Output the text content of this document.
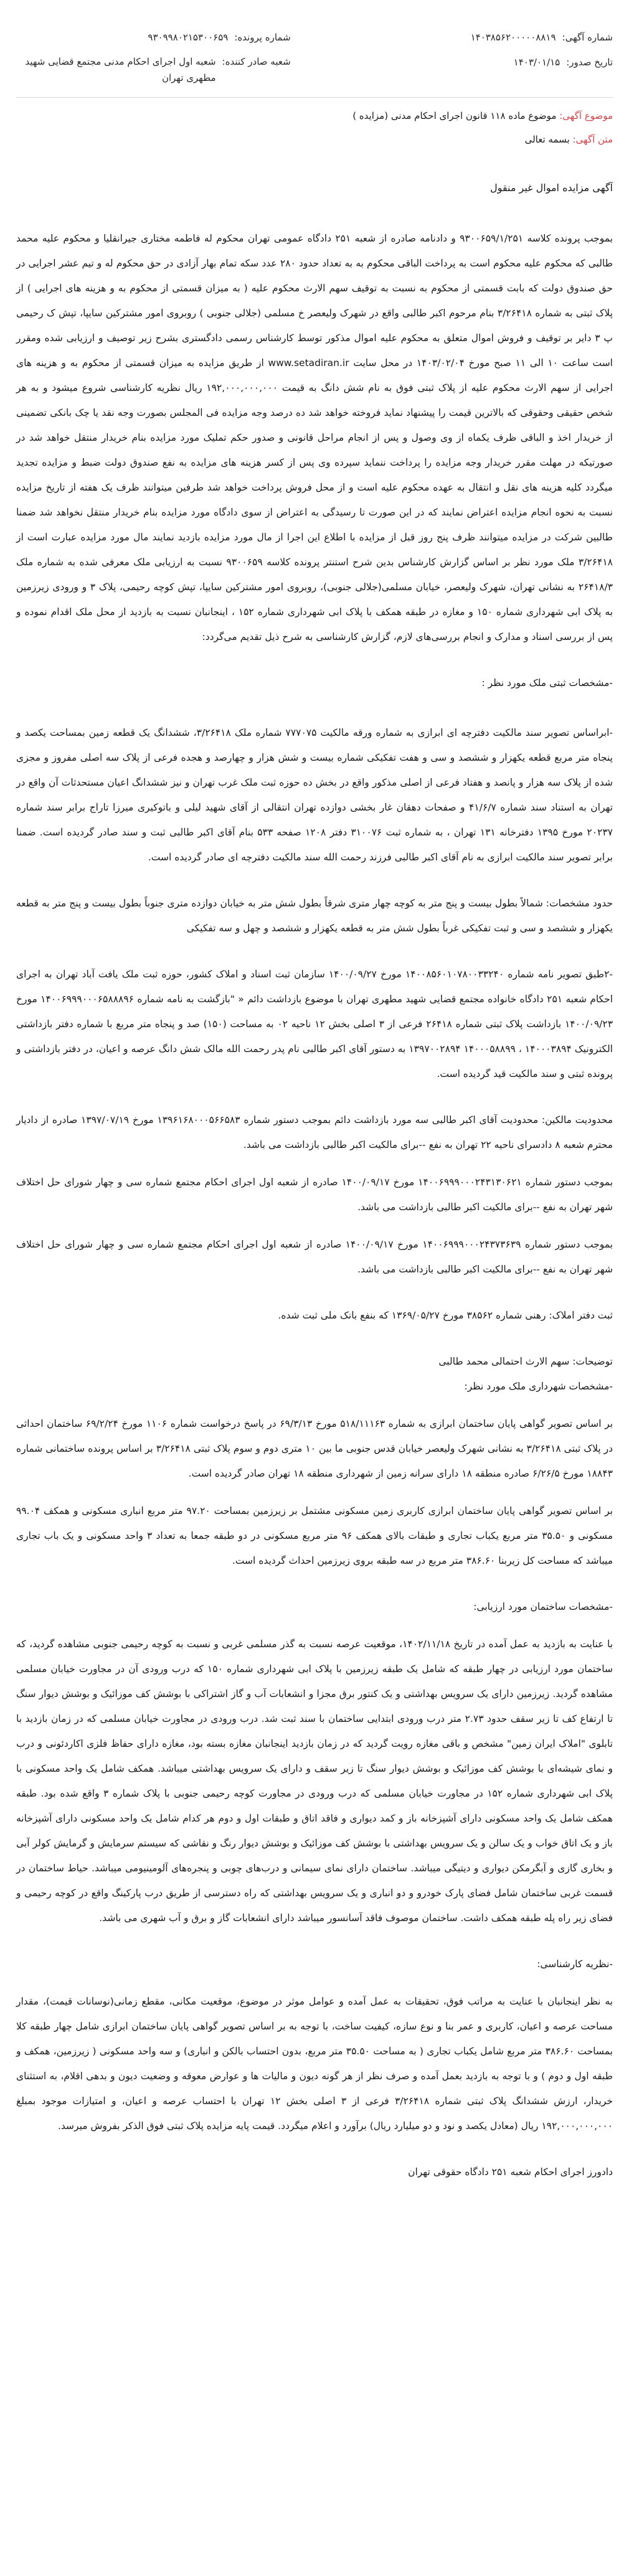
شماره آگهی:
۱۴۰۳۸۵۶۲۰۰۰۰۰۸۸۱۹
تاریخ صدور:
۱۴۰۳/۰۱/۱۵
شماره پرونده:
۹۳۰۹۹۸۰۲۱۵۳۰۰۶۵۹
شعبه صادر کننده:
شعبه اول اجرای احکام مدنی مجتمع قضایی شهید مطهری تهران
موضوع آگهی: موضوع ماده ۱۱۸ قانون اجرای احکام مدنی (مزایده )
متن آگهی: بسمه تعالی
آگهی مزایده اموال غیر منقول

بموجب پرونده کلاسه ۹۳۰۰۶۵۹/۱/۲۵۱ و دادنامه صادره از شعبه ۲۵۱ دادگاه عمومی تهران محکوم له فاطمه مختاری جیرانقلیا و محکوم علیه محمد طالبی که محکوم علیه محکوم است به پرداخت الباقی محکوم به به تعداد حدود ۲۸۰ عدد سکه تمام بهار آزادی در حق محکوم له و تیم عشر اجرایی در حق صندوق دولت که بابت قسمتی از محکوم به نسبت به توقیف سهم الارث محکوم علیه ( به میزان قسمتی از محکوم به و هزینه های اجرایی ) از پلاک ثبتی به شماره ۳/۲۶۴۱۸ بنام مرحوم اکبر طالبی واقع در شهرک ولیعصر خ مسلمی (جلالی جنوبی ) روبروی امور مشترکین سایپا، تپش ک رحیمی پ ۳ دایر بر توقیف و فروش اموال متعلق به محکوم علیه اموال مذکور توسط کارشناس رسمی دادگستری بشرح زیر توصیف و ارزیابی شده ومقرر است ساعت ۱۰ الی ۱۱ صبح مورخ ۱۴۰۳/۰۲/۰۴ در محل سایت www.setadiran.ir از طریق مزایده به میزان قسمتی از محکوم به و هزینه های اجرایی از سهم الارث محکوم علیه از پلاک ثبتی فوق به نام شش دانگ به قیمت ۱۹۲,۰۰۰,۰۰۰,۰۰۰ ریال نظریه کارشناسی شروع میشود و به هر شخص حقیقی وحقوقی که بالاترین قیمت را پیشنهاد نماید فروخته خواهد شد ده درصد وجه مزایده فی المجلس بصورت وجه نقد یا چک بانکی تضمینی از خریدار اخذ و الباقی ظرف یکماه از وی وصول و پس از انجام مراحل قانونی و صدور حکم تملیک مورد مزایده بنام خریدار منتقل خواهد شد در صورتیکه در مهلت مقرر خریدار وجه مزایده را پرداخت ننماید سپرده وی پس از کسر هزینه های مزایده به نفع صندوق دولت ضبط و مزایده تجدید میگردد کلیه هزینه های نقل و انتقال به عهده محکوم علیه است و از محل فروش پرداخت خواهد شد طرفین میتوانند ظرف یک هفته از تاریخ مزایده نسبت به نحوه انجام مزایده اعتراض نمایند که در این صورت تا رسیدگی به اعتراض از سوی دادگاه مورد مزایده بنام خریدار منتقل نخواهد شد ضمنا طالبین شرکت در مزایده میتوانند ظرف پنج روز قبل از مزایده با اطلاع این اجرا از مال مورد مزایده بازدید نمایند مال مورد مزایده عبارت است از ۳/۲۶۴۱۸ ملک مورد نظر بر اساس گزارش کارشناس بدین شرح استنتر پرونده کلاسه ۹۳۰۰۶۵۹ نسبت به ارزیابی ملک معرفی شده به شماره ملک ۲۶۴۱۸/۳ به نشانی تهران، شهرک ولیعصر، خیابان مسلمی(جلالی جنوبی)، روبروی امور مشترکین سایپا، تپش کوچه رحیمی، پلاک ۳ و ورودی زیرزمین به پلاک ابی شهرداری شماره ۱۵۰ و مغازه در طبقه همکف با پلاک ابی شهرداری شماره ۱۵۲ ، اینجانبان نسبت به بازدید از محل ملک اقدام نموده و پس از بررسی اسناد و مدارک و انجام بررسی‌های لازم، گزارش کارشناسی به شرح ذیل تقدیم می‌گردد:

-مشخصات ثبتی ملک مورد نظر :

-ابراساس تصویر سند مالکیت دفترچه ای ابرازی به شماره ورقه مالکیت ۷۷۷۰۷۵ شماره ملک ۳/۲۶۴۱۸، ششدانگ یک قطعه زمین بمساحت یکصد و پنجاه متر مربع قطعه یکهزار و ششصد و سی و هفت تفکیکی شماره بیست و شش هزار و چهارصد و هجده فرعی از پلاک سه اصلی مفروز و مجزی شده از پلاک سه هزار و پانصد و هفتاد فرعی از اصلی مذکور واقع در بخش ده حوزه ثبت ملک غرب تهران و نیز ششدانگ اعیان مستحدثات آن واقع در تهران به استناد سند شماره ۴۱/۶/۷ و صفحات دهقان غار بخشی دوازده تهران انتقالی از آقای شهید لیلی و باتوکیری میرزا تاراج برابر سند شماره ۲۰۲۳۷ مورخ ۱۳۹۵ دفترخانه ۱۳۱ تهران ، به شماره ثبت ۳۱۰۰۷۶ دفتر ۱۲۰۸ صفحه ۵۳۳ بنام آقای اکبر طالبی ثبت و سند صادر گردیده است. ضمنا برابر تصویر سند مالکیت ابرازی به نام آقای اکبر طالبی فرزند رحمت الله سند مالکیت دفترچه ای صادر گردیده است.

حدود مشخصات: شمالاً بطول بیست و پنج متر به کوچه چهار متری شرقاً بطول شش متر به خیابان دوازده متری جنوباً بطول بیست و پنج متر به قطعه یکهزار و ششصد و سی و ثبت تفکیکی غرباً بطول شش متر به قطعه یکهزار و ششصد و چهل و سه تفکیکی

-۲طبق تصویر نامه شماره ۱۴۰۰۸۵۶۰۱۰۷۸۰۰۳۳۲۴۰ مورخ ۱۴۰۰/۰۹/۲۷ سازمان ثبت اسناد و املاک کشور، حوزه ثبت ملک یافت آباد تهران به اجرای احکام شعبه ۲۵۱ دادگاه خانواده مجتمع قضایی شهید مطهری تهران با موضوع بازداشت دائم « "بازگشت به نامه شماره ۱۴۰۰۶۹۹۹۰۰۰۶۵۸۸۸۹۶ مورخ ۱۴۰۰/۰۹/۲۳ بازداشت پلاک ثبتی شماره ۲۶۴۱۸ فرعی از ۳ اصلی بخش ۱۲ ناحیه ۰۲ به مساحت (۱۵۰) صد و پنجاه متر مربع با شماره دفتر بازداشتی الکترونیک ۱۴۰۰۰۳۸۹۴ ، ۱۴۰۰۰۵۸۸۹۹ ۱۳۹۷۰۰۲۸۹۴ به دستور آقای اکبر طالبی نام پدر رحمت الله مالک شش دانگ عرصه و اعیان، در دفتر بازداشتی و پرونده ثبتی و سند مالکیت قید گردیده است.

محدودیت مالکین: محدودیت آقای اکبر طالبی سه مورد بازداشت دائم بموجب دستور شماره ۱۳۹۶۱۶۸۰۰۰۵۶۶۵۸۳ مورخ ۱۳۹۷/۰۷/۱۹ صادره از دادیار محترم شعبه ۸ دادسرای ناحیه ۲۲ تهران به نفع --برای مالکیت اکبر طالبی بازداشت می باشد.

بموجب دستور شماره ۱۴۰۰۶۹۹۹۰۰۰۲۴۳۱۳۰۶۲۱ مورخ ۱۴۰۰/۰۹/۱۷ صادره از شعبه اول اجرای احکام مجتمع شماره سی و چهار شورای حل اختلاف شهر تهران به نفع --برای مالکیت اکبر طالبی بازداشت می باشد.

بموجب دستور شماره ۱۴۰۰۶۹۹۹۰۰۰۲۴۳۷۳۶۳۹ مورخ ۱۴۰۰/۰۹/۱۷ صادره از شعبه اول اجرای احکام مجتمع شماره سی و چهار شورای حل اختلاف شهر تهران به نفع --برای مالکیت اکبر طالبی بازداشت می باشد.

ثبت دفتر املاک: رهنی شماره ۳۸۵۶۲ مورخ ۱۳۶۹/۰۵/۲۷ که بنفع بانک ملی ثبت شده.

توضیحات: سهم الارث احتمالی محمد طالبی

-مشخصات شهرداری ملک مورد نظر:

بر اساس تصویر گواهی پایان ساختمان ابرازی به شماره ۵۱۸/۱۱۱۶۳ مورخ ۶۹/۳/۱۳ در پاسخ درخواست شماره ۱۱۰۶ مورخ ۶۹/۲/۲۴ ساختمان احداثی در پلاک ثبتی ۳/۲۶۴۱۸ به نشانی شهرک ولیعصر خیابان قدس جنوبی ما بین ۱۰ متری دوم و سوم پلاک ثبتی ۳/۲۶۴۱۸ بر اساس پرونده ساختمانی شماره ۱۸۸۴۳ مورخ ۶/۲۶/۵ صادره منطقه ۱۸ دارای سرانه زمین از شهرداری منطقه ۱۸ تهران صادر گردیده است.

بر اساس تصویر گواهی پایان ساختمان ابرازی کاربری زمین مسکونی مشتمل بر زیرزمین بمساحت ۹۷.۲۰ متر مربع انباری مسکونی و همکف ۹۹.۰۴ مسکونی و ۳۵.۵۰ متر مربع یکباب تجاری و طبقات بالای همکف ۹۶ متر مربع مسکونی در دو طبقه جمعا به تعداد ۳ واحد مسکونی و یک باب تجاری میباشد که مساحت کل زیربنا ۳۸۶.۶۰ متر مربع در سه طبقه بروی زیرزمین احداث گردیده است.

-مشخصات ساختمان مورد ارزیابی:

با عنایت به بازدید به عمل آمده در تاریخ ۱۴۰۲/۱۱/۱۸، موقعیت عرصه نسبت به گذر مسلمی غربی و نسبت به کوچه رحیمی جنوبی مشاهده گردید، که ساختمان مورد ارزیابی در چهار طبقه که شامل یک طبقه زیرزمین با پلاک ابی شهرداری شماره ۱۵۰ که درب ورودی آن در مجاورت خیابان مسلمی مشاهده گردید. زیرزمین دارای یک سرویس بهداشتی و یک کنتور برق مجزا و انشعابات آب و گاز اشتراکی با بوشش کف موزائیک و بوشش دیوار سنگ تا ارتفاع کف تا زیر سقف حدود ۲.۷۳ متر درب ورودی ابتدایی ساختمان با سند ثبت شد. درب ورودی در مجاورت خیابان مسلمی که در زمان بازدید با تابلوی "املاک ایران زمین" مشخص و باقی مغازه رویت گردید که در زمان بازدید اینجانبان مغازه بسته بود، مغازه دارای حفاظ فلزی اکاردئونی و درب و نمای شیشه‌ای با بوشش کف موزائیک و بوشش دیوار سنگ تا زیر سقف و دارای یک سرویس بهداشتی میباشد. همکف شامل یک واحد مسکونی با پلاک ابی شهرداری شماره ۱۵۲ در مجاورت خیابان مسلمی که درب ورودی در مجاورت کوچه رحیمی جنوبی با پلاک شماره ۳ واقع شده بود. طبقه همکف شامل یک واحد مسکونی دارای آشپزخانه باز و کمد دیواری و فاقد اتاق و طبقات اول و دوم هر کدام شامل یک واحد مسکونی دارای آشپزخانه باز و یک اتاق خواب و یک سالن و یک سرویس بهداشتی با بوشش کف موزائیک و بوشش دیوار رنگ و نقاشی که سیستم سرمایش و گرمایش کولر آبی و بخاری گازی و آبگرمکن دیواری و دیتیگی میباشد. ساختمان دارای نمای سیمانی و درب‌های چوبی و پنجره‌های آلومینیومی میباشد. حیاط ساختمان در قسمت غربی ساختمان شامل فضای پارک خودرو و دو انباری و یک سرویس بهداشتی که راه دسترسی از طریق درب پارکینگ واقع در کوچه رحیمی و فضای زیر راه پله طبقه همکف داشت. ساختمان موصوف فاقد آسانسور میباشد دارای انشعابات گاز و برق و آب شهری می باشد.

-نظریه کارشناسی:

به نظر اینجانبان با عنایت به مراتب فوق، تحقیقات به عمل آمده و عوامل موثر در موضوع، موقعیت مکانی، مقطع زمانی(نوسانات قیمت)، مقدار مساحت عرصه و اعیان، کاربری و عمر بنا و نوع سازه، کیفیت ساخت، با توجه به بر اساس تصویر گواهی پایان ساختمان ابرازی شامل چهار طبقه کلا بمساحت ۳۸۶.۶۰ متر مربع شامل یکباب تجاری ( به مساحت ۳۵.۵۰ متر مربع، بدون احتساب بالکن و انباری) و سه واحد مسکونی ( زیرزمین، همکف و طبقه اول و دوم ) و با توجه به بازدید بعمل آمده و صرف نظر از هر گونه دیون و مالیات ها و عوارض معوقه و وضعیت دیون و بدهی اقلام، به استثنای خریدار، ارزش ششدانگ پلاک ثبتی شماره ۳/۲۶۴۱۸ فرعی از ۳ اصلی بخش ۱۲ تهران با احتساب عرصه و اعیان، و امتیازات موجود بمبلغ ۱۹۲,۰۰۰,۰۰۰,۰۰۰ ریال (معادل یکصد و نود و دو میلیارد ریال) برآورد و اعلام میگردد. قیمت پایه مزایده پلاک ثبتی فوق الذکر بفروش میرسد.

دادورز اجرای احکام شعبه ۲۵۱ دادگاه حقوقی تهران
